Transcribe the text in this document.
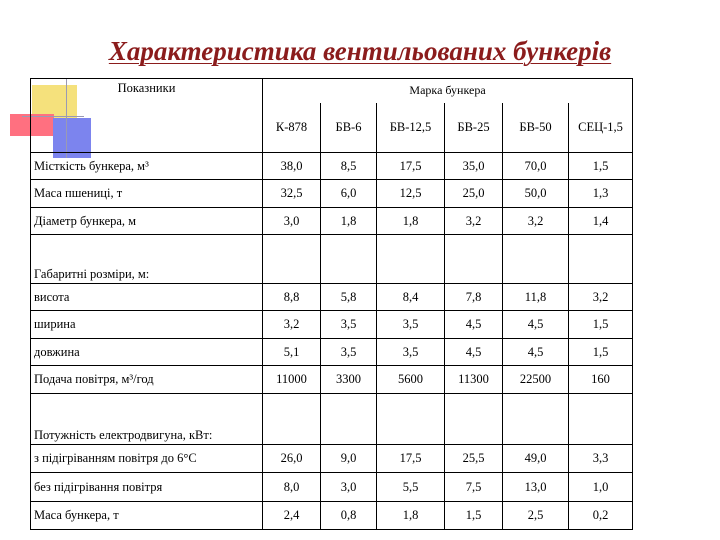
Характеристика вентильованих бункерів
Показники	Марка бункера					
	К-878	БВ-6	БВ-12,5	БВ-25	БВ-50	СЕЦ-1,5
Місткість бункера, м³	38,0	8,5	17,5	35,0	70,0	1,5
Маса пшениці, т	32,5	6,0	12,5	25,0	50,0	1,3
Діаметр бункера, м	3,0	1,8	1,8	3,2	3,2	1,4
Габаритні розміри, м:						
висота	8,8	5,8	8,4	7,8	11,8	3,2
ширина	3,2	3,5	3,5	4,5	4,5	1,5
довжина	5,1	3,5	3,5	4,5	4,5	1,5
Подача повітря, м³/год	11000	3300	5600	11300	22500	160
Потужність електродвигуна, кВт:						
з підігріванням повітря до 6°С	26,0	9,0	17,5	25,5	49,0	3,3
без підігрівання повітря	8,0	3,0	5,5	7,5	13,0	1,0
Маса бункера, т	2,4	0,8	1,8	1,5	2,5	0,2
